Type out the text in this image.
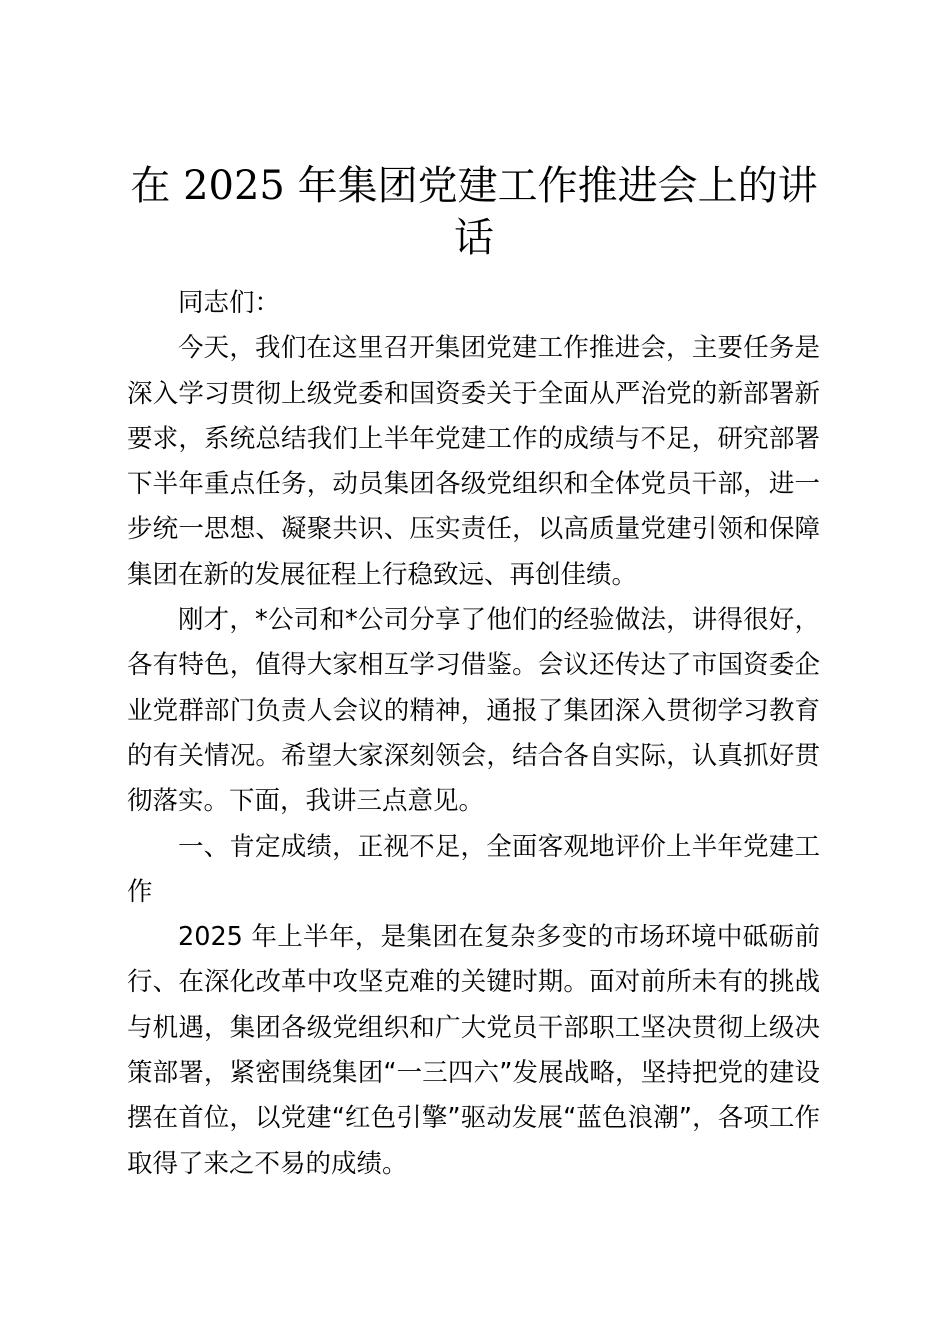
在 2025 年集团党建工作推进会上的讲话

同志们：

今天，我们在这里召开集团党建工作推进会，主要任务是深入学习贯彻上级党委和国资委关于全面从严治党的新部署新要求，系统总结我们上半年党建工作的成绩与不足，研究部署下半年重点任务，动员集团各级党组织和全体党员干部，进一步统一思想、凝聚共识、压实责任，以高质量党建引领和保障集团在新的发展征程上行稳致远、再创佳绩。

刚才，*公司和*公司分享了他们的经验做法，讲得很好，各有特色，值得大家相互学习借鉴。会议还传达了市国资委企业党群部门负责人会议的精神，通报了集团深入贯彻学习教育的有关情况。希望大家深刻领会，结合各自实际，认真抓好贯彻落实。下面，我讲三点意见。

一、肯定成绩，正视不足，全面客观地评价上半年党建工作

2025 年上半年，是集团在复杂多变的市场环境中砥砺前行、在深化改革中攻坚克难的关键时期。面对前所未有的挑战与机遇，集团各级党组织和广大党员干部职工坚决贯彻上级决策部署，紧密围绕集团“一三四六”发展战略，坚持把党的建设摆在首位，以党建“红色引擎”驱动发展“蓝色浪潮”，各项工作取得了来之不易的成绩。
